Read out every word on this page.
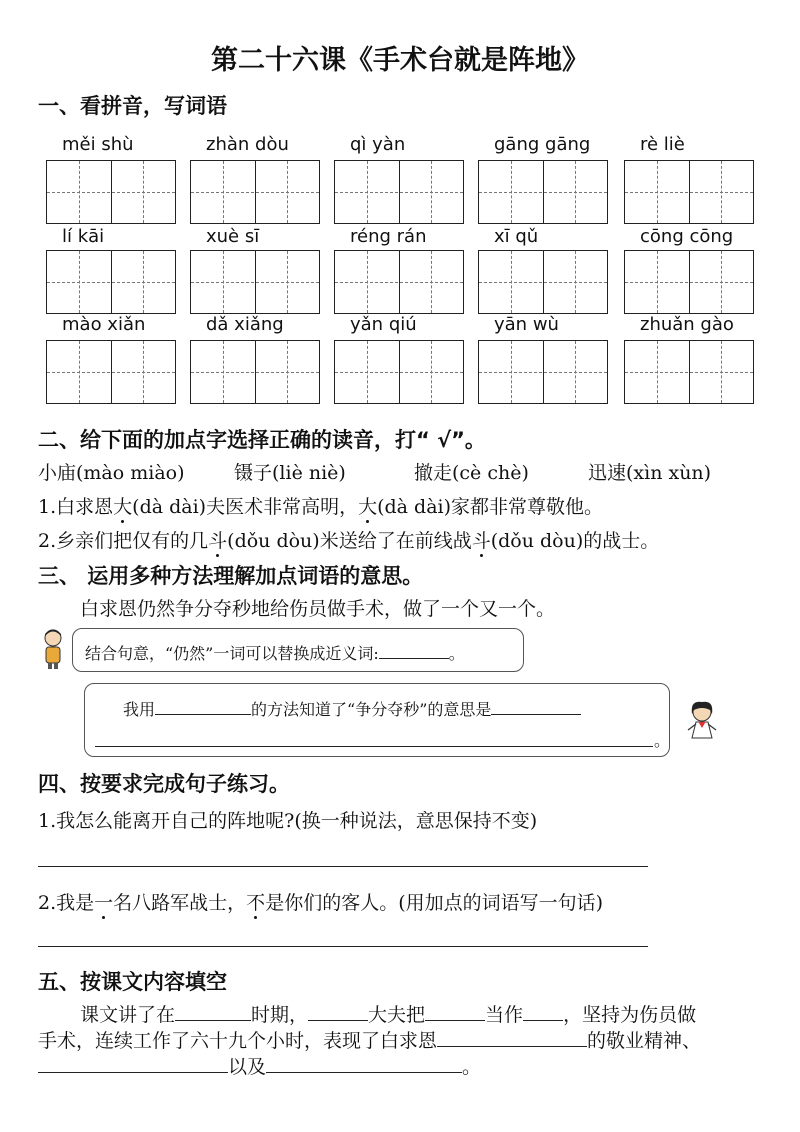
第二十六课《手术台就是阵地》
一、看拼音，写词语
měi shù	zhàn dòu	qì yàn	gāng gāng	rè liè
lí kāi	xuè sī	réng rán	xī qǔ	cōng cōng
mào xiǎn	dǎ xiǎng	yǎn qiú	yān wù	zhuǎn gào
二、给下面的加点字选择正确的读音，打“ √”。
小庙(mào miào)	镊子(liè niè)	撤走(cè chè)	迅速(xìn xùn)
1.白求恩大(dà dài)夫医术非常高明，大(dà dài)家都非常尊敬他。
2.乡亲们把仅有的几斗(dǒu dòu)米送给了在前线战斗(dǒu dòu)的战士。
三、 运用多种方法理解加点词语的意思。
白求恩仍然争分夺秒地给伤员做手术，做了一个又一个。
结合句意，“仍然”一词可以替换成近义词:	。
我用	的方法知道了“争分夺秒”的意思是
。
四、按要求完成句子练习。
1.我怎么能离开自己的阵地呢?(换一种说法，意思保持不变)
2.我是一名八路军战士，不是你们的客人。(用加点的词语写一句话)
五、按课文内容填空
课文讲了在	时期，	大夫把	当作 ，坚持为伤员做
手术，连续工作了六十九个小时，表现了白求恩	的敬业精神、
以及	。
